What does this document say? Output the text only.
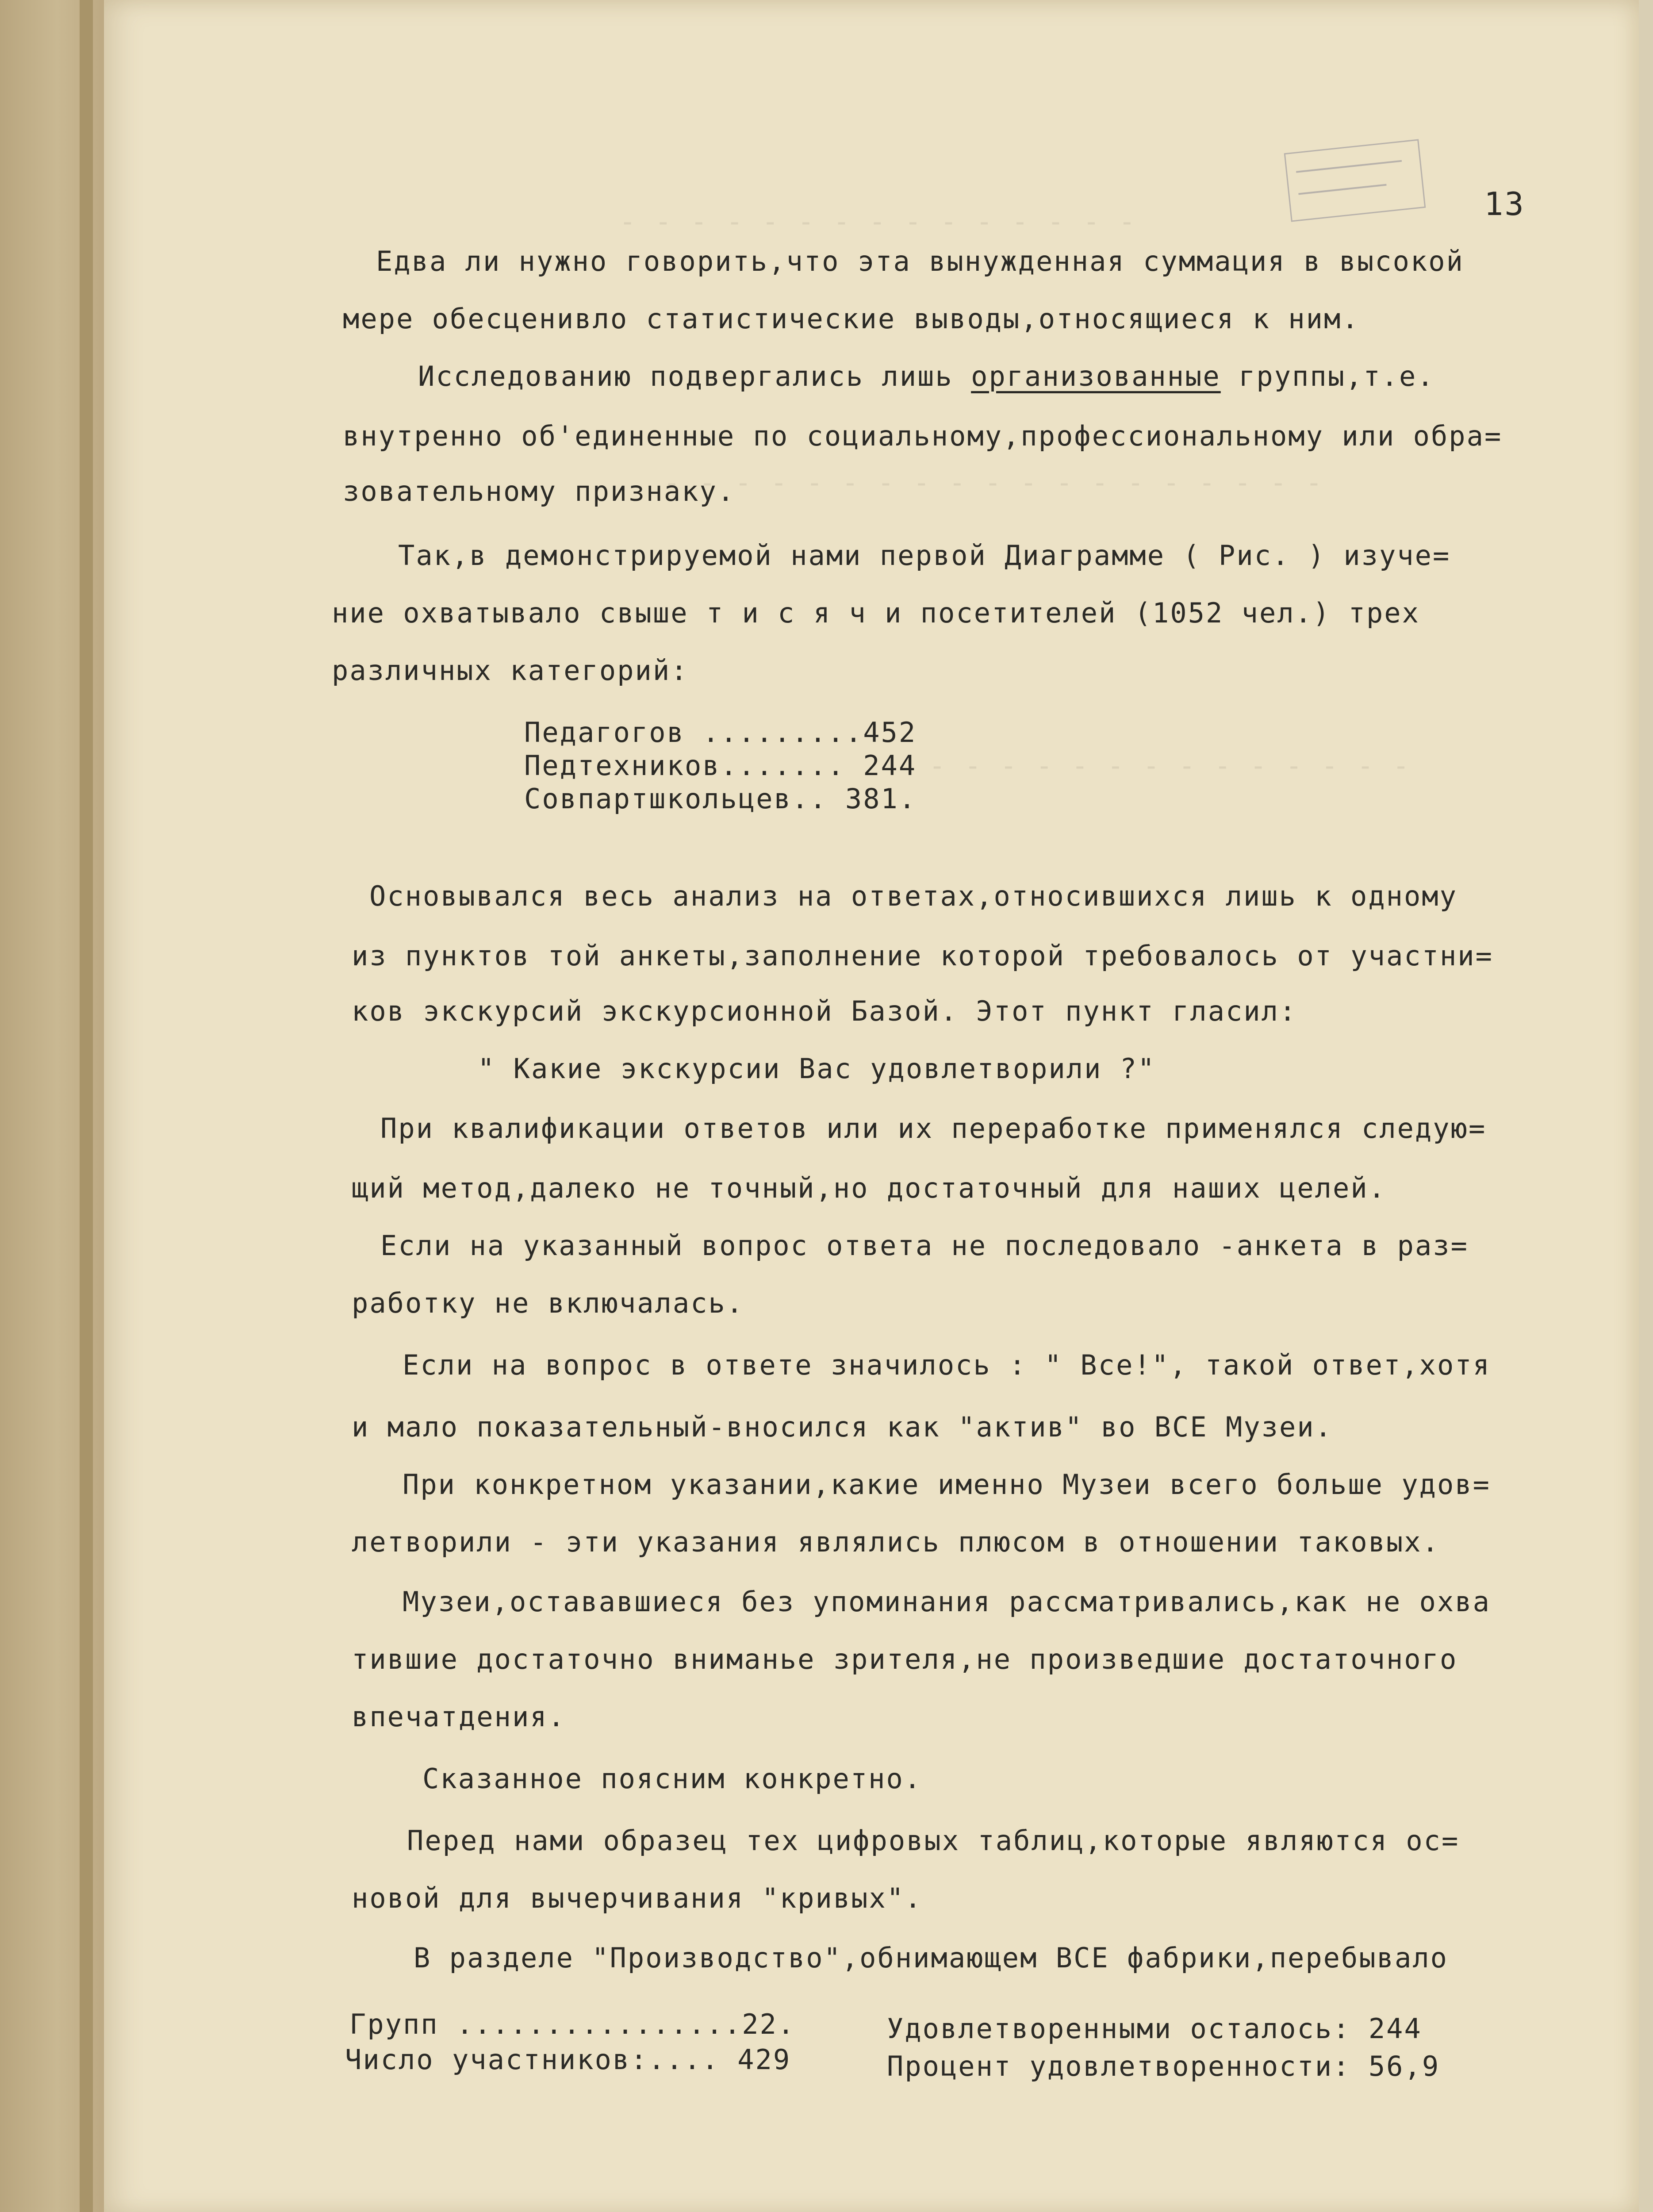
- - - - - - - - - - - - - - -
- - - - - - - - - - - - - - - - - - -
- - - - - - - - - - - - - -
13
Едва ли нужно говорить,что эта вынужденная суммация в высокой
мере обесценивло статистические выводы,относящиеся к ним.
Исследованию подвергались лишь организованные группы,т.е.
внутренно об'единенные по социальному,профессиональному или обра=
зовательному признаку.
Так,в демонстрируемой нами первой Диаграмме ( Рис. ) изуче=
ние охватывало свыше т и с я ч и посетителей (1052 чел.) трех
различных категорий:
Педагогов .........452
Педтехников....... 244
Совпартшкольцев.. 381.
Основывался весь анализ на ответах,относившихся лишь к одному
из пунктов той анкеты,заполнение которой требовалось от участни=
ков экскурсий экскурсионной Базой. Этот пункт гласил:
" Какие экскурсии Вас удовлетворили ?"
При квалификации ответов или их переработке применялся следую=
щий метод,далеко не точный,но достаточный для наших целей.
Если на указанный вопрос ответа не последовало -анкета в раз=
работку не включалась.
Если на вопрос в ответе значилось : " Все!", такой ответ,хотя
и мало показательный-вносился как "актив" во ВСЕ Музеи.
При конкретном указании,какие именно Музеи всего больше удов=
летворили - эти указания являлись плюсом в отношении таковых.
Музеи,остававшиеся без упоминания рассматривались,как не охва
тившие достаточно вниманье зрителя,не произведшие достаточного
впечатдения.
Сказанное поясним конкретно.
Перед нами образец тех цифровых таблиц,которые являются ос=
новой для вычерчивания "кривых".
В разделе "Производство",обнимающем ВСЕ фабрики,перебывало
Групп ................22.
Число участников:.... 429
Удовлетворенными осталось: 244
Процент удовлетворенности: 56,9
